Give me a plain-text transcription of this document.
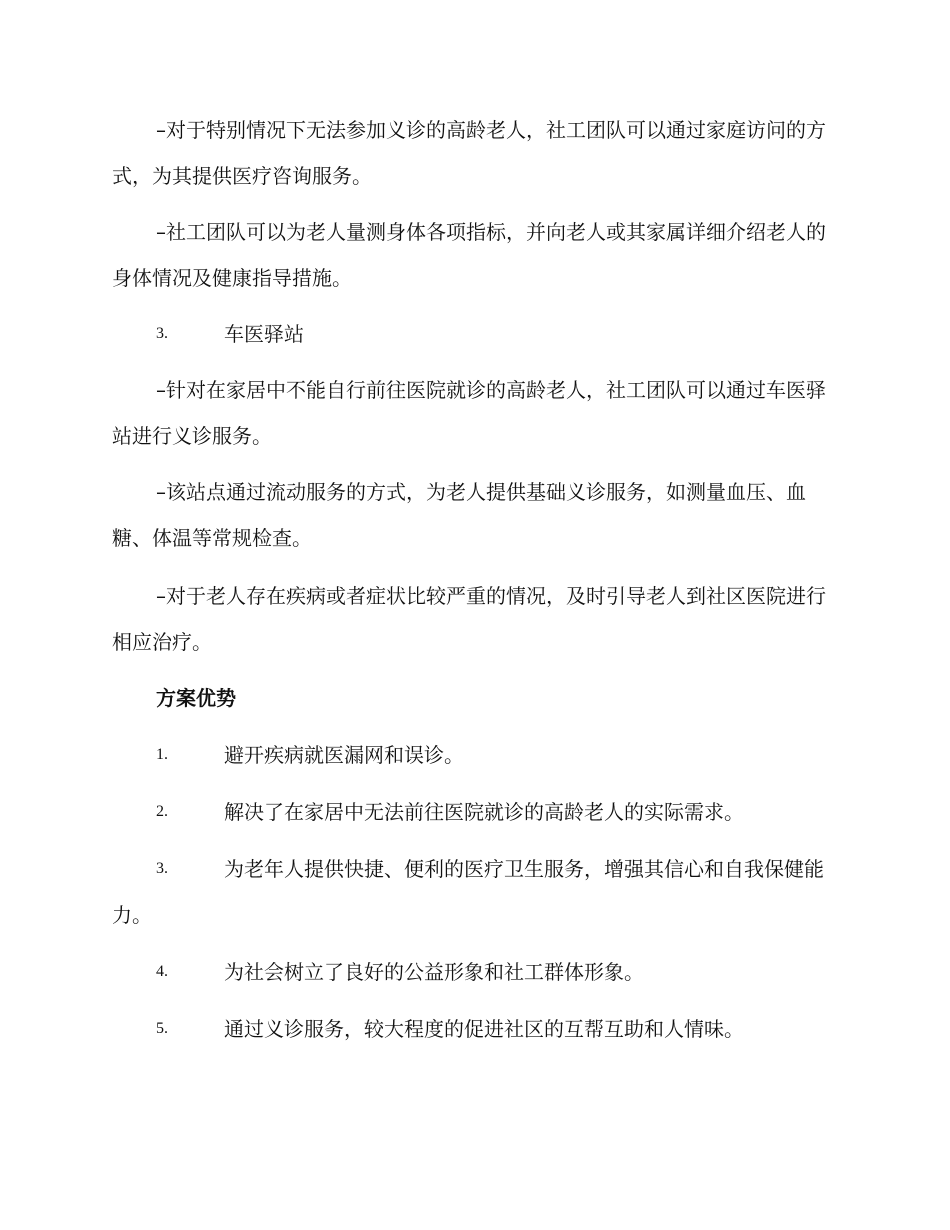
–对于特别情况下无法参加义诊的高龄老人，社工团队可以通过家庭访问的方式，为其提供医疗咨询服务。

–社工团队可以为老人量测身体各项指标，并向老人或其家属详细介绍老人的身体情况及健康指导措施。

3.	车医驿站

–针对在家居中不能自行前往医院就诊的高龄老人，社工团队可以通过车医驿站进行义诊服务。

–该站点通过流动服务的方式，为老人提供基础义诊服务，如测量血压、血糖、体温等常规检查。

–对于老人存在疾病或者症状比较严重的情况，及时引导老人到社区医院进行相应治疗。

方案优势
1.	避开疾病就医漏网和误诊。
2.	解决了在家居中无法前往医院就诊的高龄老人的实际需求。
3.	为老年人提供快捷、便利的医疗卫生服务，增强其信心和自我保健能力。
4.	为社会树立了良好的公益形象和社工群体形象。
5.	通过义诊服务，较大程度的促进社区的互帮互助和人情味。
